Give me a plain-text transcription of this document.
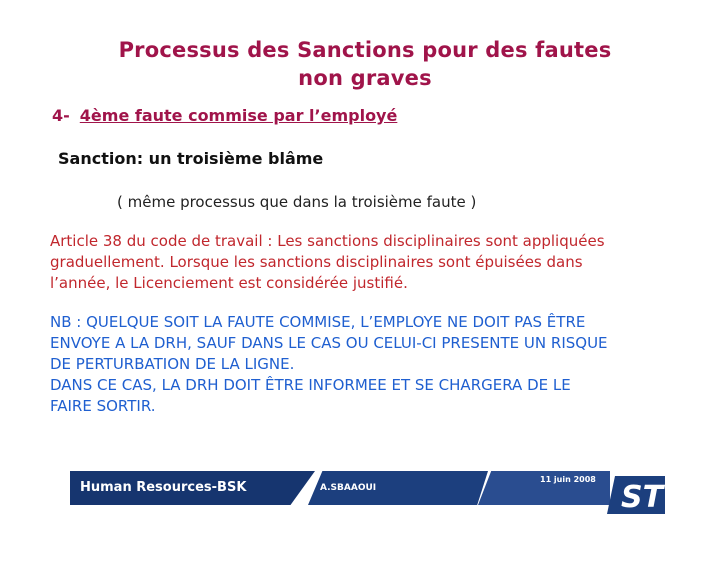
Processus des Sanctions pour des fautes
non graves
4- 4ème faute commise par l’employé
Sanction: un troisième blâme
( même processus que dans la troisième faute )
Article 38 du code de travail : Les sanctions disciplinaires sont appliquées
graduellement. Lorsque les sanctions disciplinaires sont épuisées dans
l’année, le Licenciement est considérée justifié.
NB : QUELQUE SOIT LA FAUTE COMMISE, L’EMPLOYE NE DOIT PAS ÊTRE
ENVOYE A LA DRH, SAUF DANS LE CAS OU CELUI-CI PRESENTE UN RISQUE
DE PERTURBATION DE LA LIGNE.
DANS CE CAS, LA DRH DOIT ÊTRE INFORMEE ET SE CHARGERA DE LE
FAIRE SORTIR.
Human Resources-BSK	A.SBAAOUI
11 juin 2008
ST
